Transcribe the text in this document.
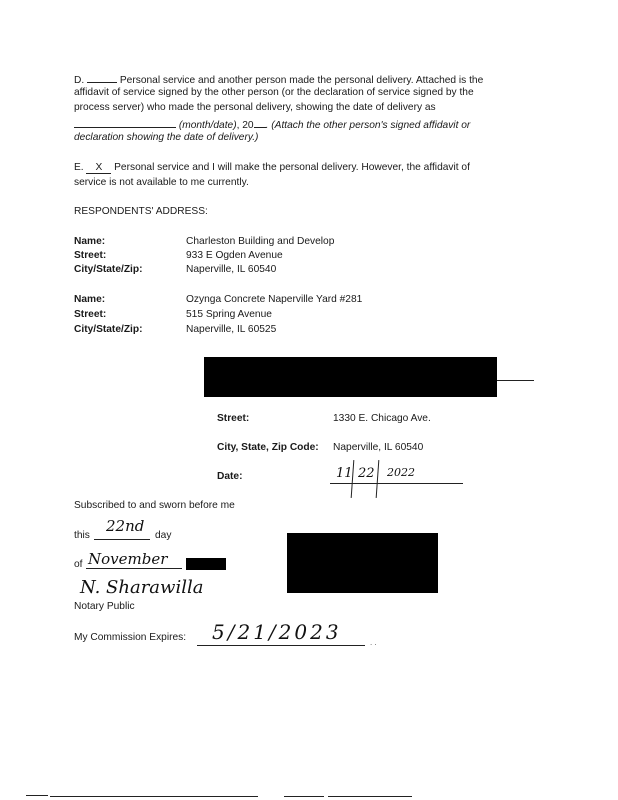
D.	Personal service and another person made the personal delivery. Attached is the
affidavit of service signed by the other person (or the declaration of service signed by the
process server) who made the personal delivery, showing the date of delivery as
(month/date), 20 . (Attach the other person's signed affidavit or
declaration showing the date of delivery.)
E. X Personal service and I will make the personal delivery. However, the affidavit of
service is not available to me currently.
RESPONDENTS' ADDRESS:
Name:	Charleston Building and Develop
Street:	933 E Ogden Avenue
City/State/Zip:	Naperville, IL 60540
Name:	Ozynga Concrete Naperville Yard #281
Street:	515 Spring Avenue
City/State/Zip:	Naperville, IL 60525
Street:	1330 E. Chicago Ave.
City, State, Zip Code: Naperville, IL 60540
Date:	11 22 2022
Subscribed to and sworn before me
this
22nd
day
of November
N. Sharawilla
Notary Public
My Commission Expires: 5/21/2023	. .
